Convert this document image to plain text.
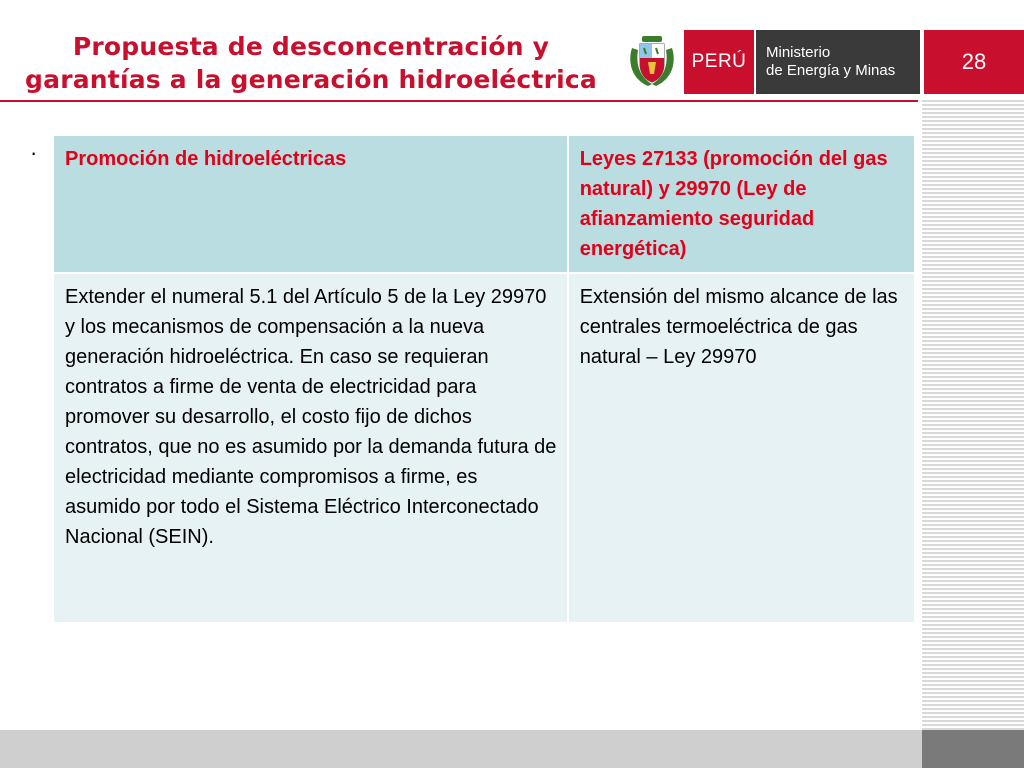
Propuesta de desconcentración y
garantías a la generación hidroeléctrica
PERÚ	Ministerio
de Energía y Minas	28
· Promoción de hidroeléctricas	Leyes 27133 (promoción del gas natural) y 29970 (Ley de afianzamiento seguridad energética)
Extender el numeral 5.1 del Artículo 5 de la Ley 29970 y los mecanismos de compensación a la nueva generación hidroeléctrica. En caso se requieran contratos a firme de venta de electricidad para promover su desarrollo, el costo fijo de dichos contratos, que no es asumido por la demanda futura de electricidad mediante compromisos a firme, es asumido por todo el Sistema Eléctrico Interconectado Nacional (SEIN).	Extensión del mismo alcance de las centrales termoeléctrica de gas natural – Ley 29970
